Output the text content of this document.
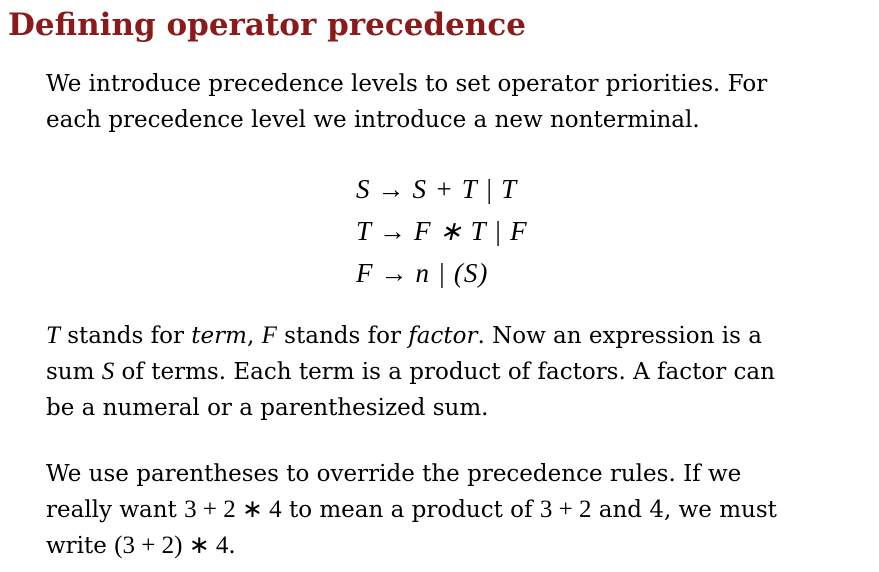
Defining operator precedence
We introduce precedence levels to set operator priorities. For
each precedence level we introduce a new nonterminal.
S → S + T | T
T → F ∗ T | F
F → n | (S)
T stands for term, F stands for factor. Now an expression is a
sum S of terms. Each term is a product of factors. A factor can
be a numeral or a parenthesized sum.
We use parentheses to override the precedence rules. If we
really want 3 + 2 ∗ 4 to mean a product of 3 + 2 and 4, we must
write (3 + 2) ∗ 4.
